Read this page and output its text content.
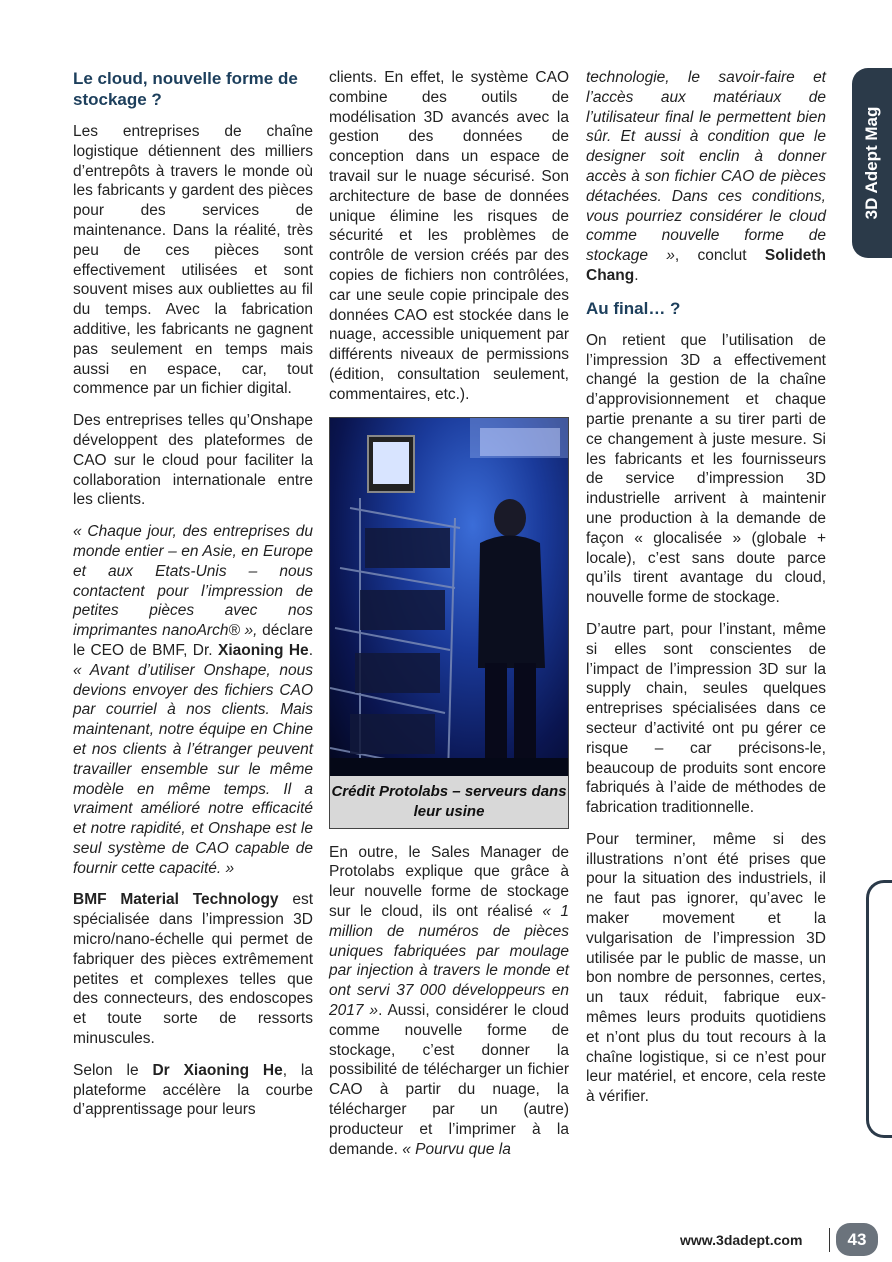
3D Adept Mag
Le cloud, nouvelle forme de stockage ?

Les entreprises de chaîne logistique détiennent des milliers d’entrepôts à travers le monde où les fabricants y gardent des pièces pour des services de maintenance. Dans la réalité, très peu de ces pièces sont effectivement utilisées et sont souvent mises aux oubliettes au fil du temps. Avec la fabrication additive, les fabricants ne gagnent pas seulement en temps mais aussi en espace, car, tout commence par un fichier digital.

Des entreprises telles qu’Onshape développent des plateformes de CAO sur le cloud pour faciliter la collaboration internationale entre les clients.

« Chaque jour, des entreprises du monde entier – en Asie, en Europe et aux Etats-Unis – nous contactent pour l’impression de petites pièces avec nos imprimantes nanoArch® », déclare le CEO de BMF, Dr. Xiaoning He. « Avant d’utiliser Onshape, nous devions envoyer des fichiers CAO par courriel à nos clients. Mais maintenant, notre équipe en Chine et nos clients à l’étranger peuvent travailler ensemble sur le même modèle en même temps. Il a vraiment amélioré notre efficacité et notre rapidité, et Onshape est le seul système de CAO capable de fournir cette capacité. »

BMF Material Technology est spécialisée dans l’impression 3D micro/nano-échelle qui permet de fabriquer des pièces extrêmement petites et complexes telles que des connecteurs, des endoscopes et toute sorte de ressorts minuscules.

Selon le Dr Xiaoning He, la plateforme accélère la courbe d’apprentissage pour leurs

clients. En effet, le système CAO combine des outils de modélisation 3D avancés avec la gestion des données de conception dans un espace de travail sur le nuage sécurisé. Son architecture de base de données unique élimine les risques de sécurité et les problèmes de contrôle de version créés par des copies de fichiers non contrôlées, car une seule copie principale des données CAO est stockée dans le nuage, accessible uniquement par différents niveaux de permissions (édition, consultation seulement, commentaires, etc.).

Crédit Protolabs – serveurs dans leur usine

En outre, le Sales Manager de Protolabs explique que grâce à leur nouvelle forme de stockage sur le cloud, ils ont réalisé « 1 million de numéros de pièces uniques fabriquées par moulage par injection à travers le monde et ont servi 37 000 développeurs en 2017 ». Aussi, considérer le cloud comme nouvelle forme de stockage, c’est donner la possibilité de télécharger un fichier CAO à partir du nuage, la télécharger par un (autre) producteur et l’imprimer à la demande. « Pourvu que la

technologie, le savoir-faire et l’accès aux matériaux de l’utilisateur final le permettent bien sûr. Et aussi à condition que le designer soit enclin à donner accès à son fichier CAO de pièces détachées. Dans ces conditions, vous pourriez considérer le cloud comme nouvelle forme de stockage », conclut Solideth Chang.

Au final… ?

On retient que l’utilisation de l’impression 3D a effectivement changé la gestion de la chaîne d’approvisionnement et chaque partie prenante a su tirer parti de ce changement à juste mesure. Si les fabricants et les fournisseurs de service d’impression 3D industrielle arrivent à maintenir une production à la demande de façon « glocalisée » (globale + locale), c’est sans doute parce qu’ils tirent avantage du cloud, nouvelle forme de stockage.

D’autre part, pour l’instant, même si elles sont conscientes de l’impact de l’impression 3D sur la supply chain, seules quelques entreprises spécialisées dans ce secteur d’activité ont pu gérer ce risque – car précisons-le, beaucoup de produits sont encore fabriqués à l’aide de méthodes de fabrication traditionnelle.

Pour terminer, même si des illustrations n’ont été prises que pour la situation des industriels, il ne faut pas ignorer, qu’avec le maker movement et la vulgarisation de l’impression 3D utilisée par le public de masse, un bon nombre de personnes, certes, un taux réduit, fabrique eux-mêmes leurs produits quotidiens et n’ont plus du tout recours à la chaîne logistique, si ce n’est pour leur matériel, et encore, cela reste à vérifier.

www.3dadept.com	43
